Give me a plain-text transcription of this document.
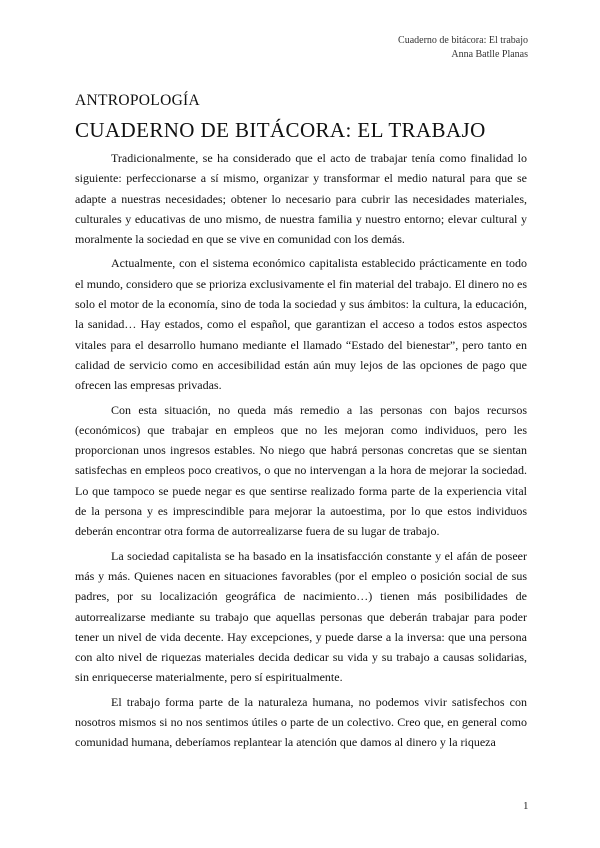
Cuaderno de bitácora: El trabajo
Anna Batlle Planas
ANTROPOLOGÍA
CUADERNO DE BITÁCORA: EL TRABAJO

Tradicionalmente, se ha considerado que el acto de trabajar tenía como finalidad lo siguiente: perfeccionarse a sí mismo, organizar y transformar el medio natural para que se adapte a nuestras necesidades; obtener lo necesario para cubrir las necesidades materiales, culturales y educativas de uno mismo, de nuestra familia y nuestro entorno; elevar cultural y moralmente la sociedad en que se vive en comunidad con los demás.

Actualmente, con el sistema económico capitalista establecido prácticamente en todo el mundo, considero que se prioriza exclusivamente el fin material del trabajo. El dinero no es solo el motor de la economía, sino de toda la sociedad y sus ámbitos: la cultura, la educación, la sanidad… Hay estados, como el español, que garantizan el acceso a todos estos aspectos vitales para el desarrollo humano mediante el llamado “Estado del bienestar”, pero tanto en calidad de servicio como en accesibilidad están aún muy lejos de las opciones de pago que ofrecen las empresas privadas.

Con esta situación, no queda más remedio a las personas con bajos recursos (económicos) que trabajar en empleos que no les mejoran como individuos, pero les proporcionan unos ingresos estables. No niego que habrá personas concretas que se sientan satisfechas en empleos poco creativos, o que no intervengan a la hora de mejorar la sociedad. Lo que tampoco se puede negar es que sentirse realizado forma parte de la experiencia vital de la persona y es imprescindible para mejorar la autoestima, por lo que estos individuos deberán encontrar otra forma de autorrealizarse fuera de su lugar de trabajo.

La sociedad capitalista se ha basado en la insatisfacción constante y el afán de poseer más y más. Quienes nacen en situaciones favorables (por el empleo o posición social de sus padres, por su localización geográfica de nacimiento…) tienen más posibilidades de autorrealizarse mediante su trabajo que aquellas personas que deberán trabajar para poder tener un nivel de vida decente. Hay excepciones, y puede darse a la inversa: que una persona con alto nivel de riquezas materiales decida dedicar su vida y su trabajo a causas solidarias, sin enriquecerse materialmente, pero sí espiritualmente.

El trabajo forma parte de la naturaleza humana, no podemos vivir satisfechos con nosotros mismos si no nos sentimos útiles o parte de un colectivo. Creo que, en general como comunidad humana, deberíamos replantear la atención que damos al dinero y la riqueza

1
